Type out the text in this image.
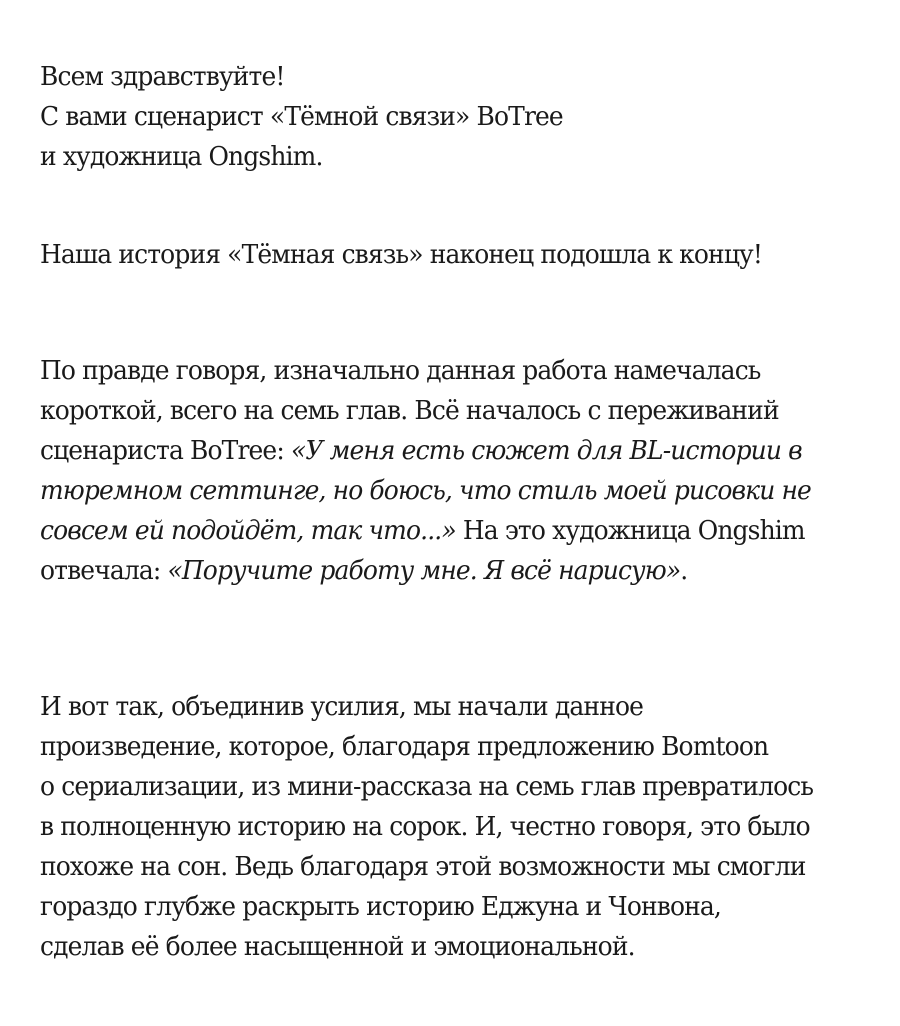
Всем здравствуйте!
С вами сценарист «Тёмной связи» BoTree
и художница Ongshim.
Наша история «Тёмная связь» наконец подошла к концу!
По правде говоря, изначально данная работа намечалась
короткой, всего на семь глав. Всё началось с переживаний
сценариста BoTree: «У меня есть сюжет для BL-истории в
тюремном сеттинге, но боюсь, что стиль моей рисовки не
совсем ей подойдёт, так что...» На это художница Ongshim
отвечала: «Поручите работу мне. Я всё нарисую».
И вот так, объединив усилия, мы начали данное
произведение, которое, благодаря предложению Bomtoon
о сериализации, из мини-рассказа на семь глав превратилось
в полноценную историю на сорок. И, честно говоря, это было
похоже на сон. Ведь благодаря этой возможности мы смогли
гораздо глубже раскрыть историю Еджуна и Чонвона,
сделав её более насыщенной и эмоциональной.
